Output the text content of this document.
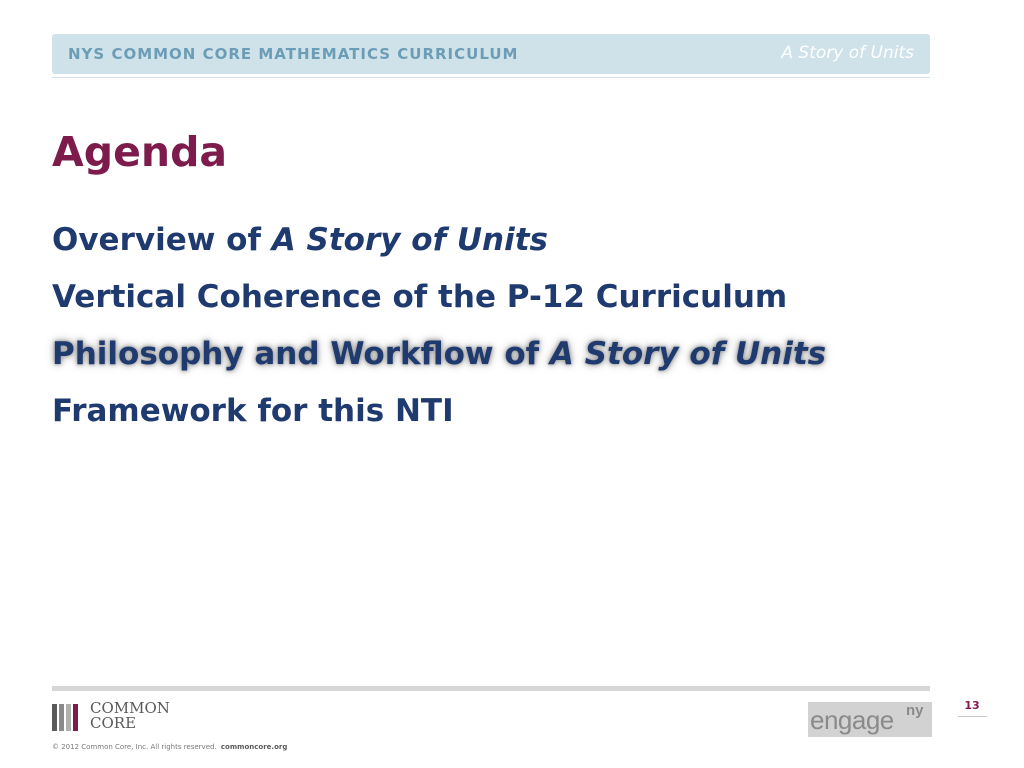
NYS COMMON CORE MATHEMATICS CURRICULUM	A Story of Units
Agenda
Overview of A Story of Units
Vertical Coherence of the P-12 Curriculum
Philosophy and Workflow of A Story of Units
Framework for this NTI
COMMON
CORE
© 2012 Common Core, Inc. All rights reserved. commoncore.org
engage ny	13
